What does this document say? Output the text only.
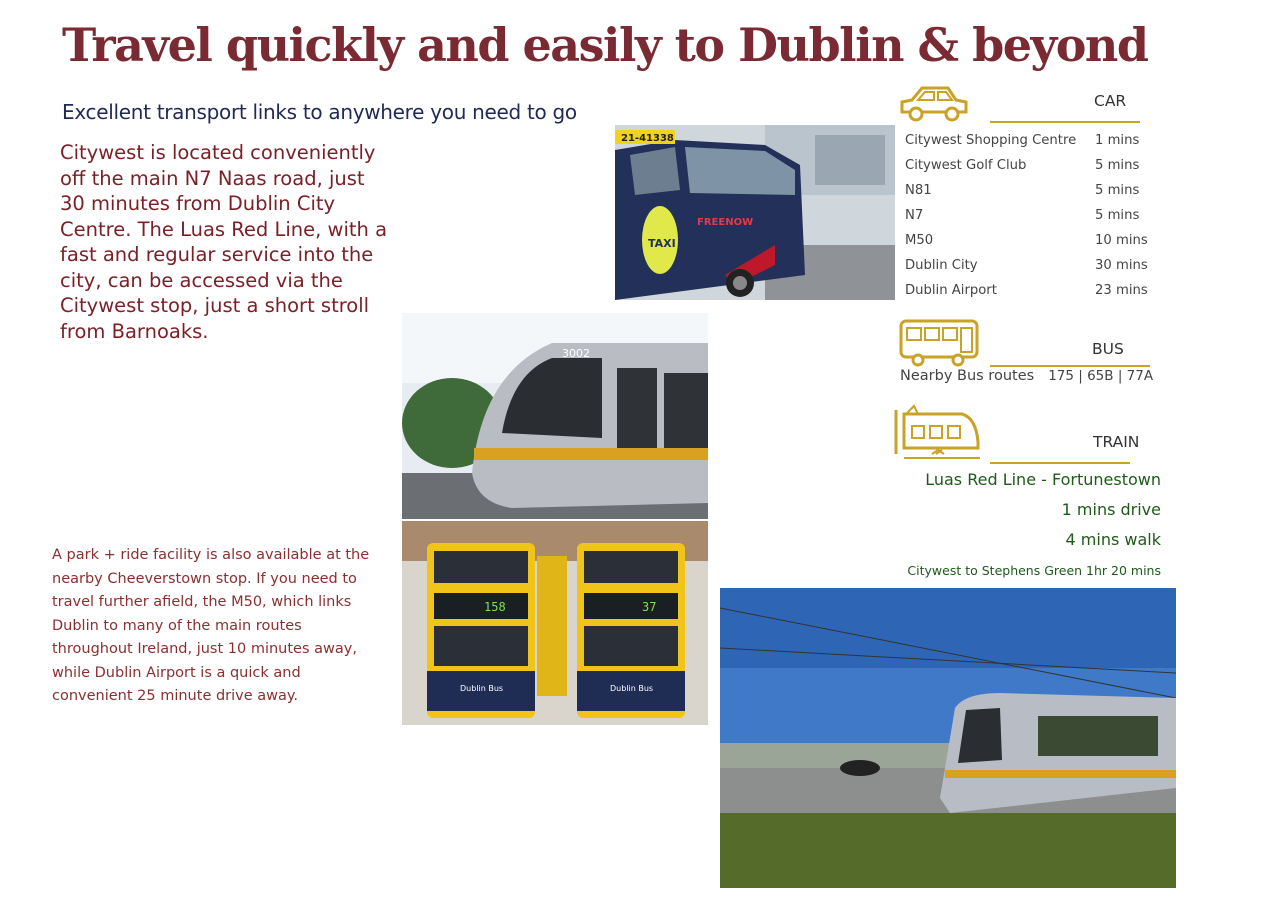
Travel quickly and easily to Dublin & beyond
Excellent transport links to anywhere you need to go
Citywest is located conveniently off the main N7 Naas road, just 30 minutes from Dublin City Centre. The Luas Red Line, with a fast and regular service into the city, can be accessed via the Citywest stop, just a short stroll from Barnoaks.
A park + ride facility is also available at the nearby Cheeverstown stop. If you need to travel further afield, the M50, which links Dublin to many of the main routes throughout Ireland, just 10 minutes away, while Dublin Airport is a quick and convenient 25 minute drive away.
21-41338
TAXI
FREENOW
3002
158
Dublin Bus
37
Dublin Bus
CAR
Citywest Shopping Centre	1 mins
Citywest Golf Club	5 mins
N81	5 mins
N7	5 mins
M50	10 mins
Dublin City	30 mins
Dublin Airport	23 mins
BUS
Nearby Bus routes 175 | 65B | 77A
TRAIN
Luas Red Line - Fortunestown
1 mins drive
4 mins walk
Citywest to Stephens Green 1hr 20 mins
